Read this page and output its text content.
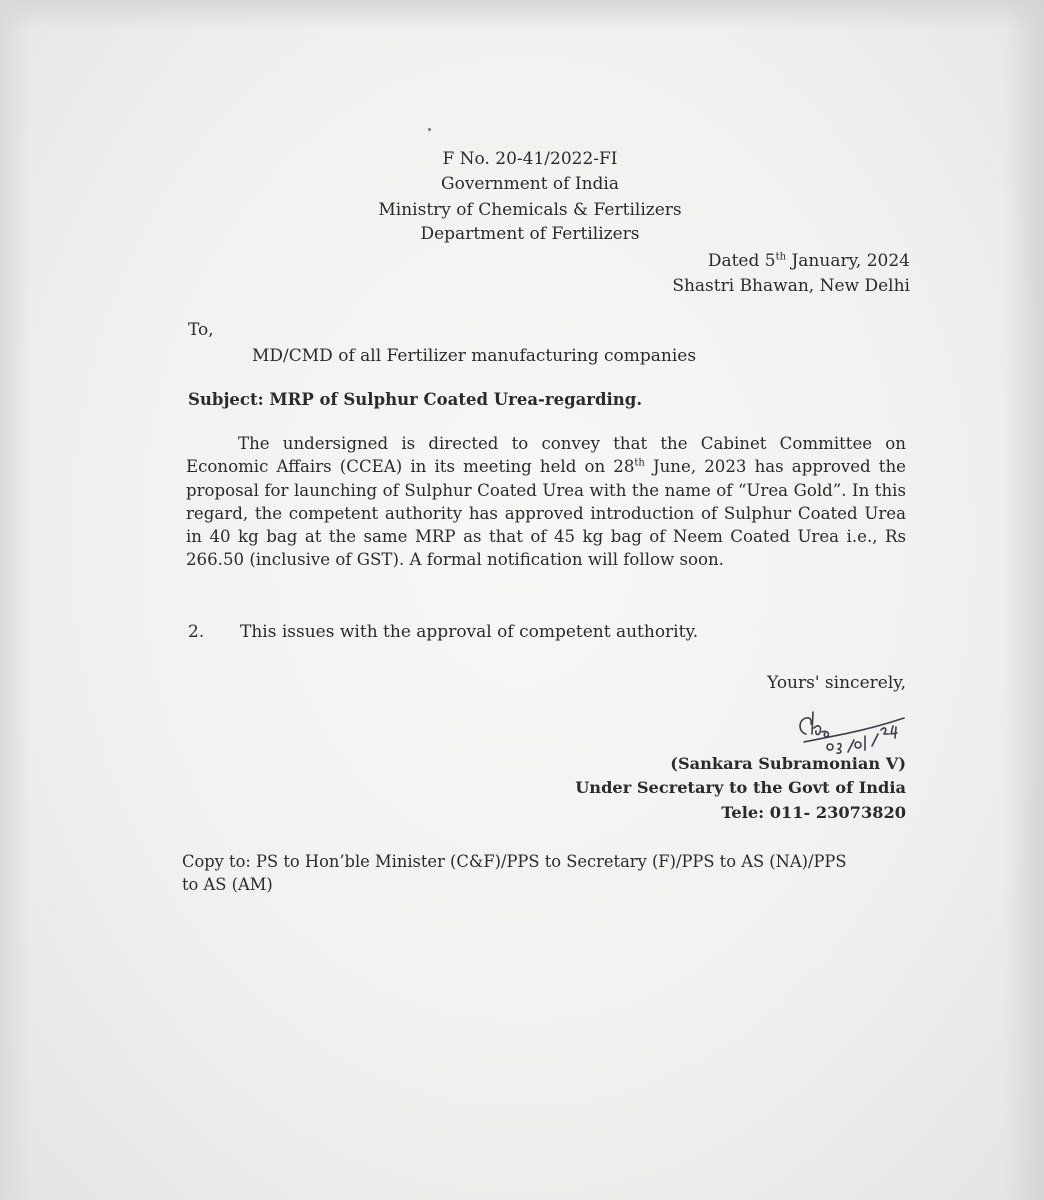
F No. 20-41/2022-FI
Government of India
Ministry of Chemicals & Fertilizers
Department of Fertilizers
Dated 5th January, 2024
Shastri Bhawan, New Delhi
To,
MD/CMD of all Fertilizer manufacturing companies
Subject: MRP of Sulphur Coated Urea-regarding.
The undersigned is directed to convey that the Cabinet Committee on Economic Affairs (CCEA) in its meeting held on 28th June, 2023 has approved the proposal for launching of Sulphur Coated Urea with the name of “Urea Gold”. In this regard, the competent authority has approved introduction of Sulphur Coated Urea in 40 kg bag at the same MRP as that of 45 kg bag of Neem Coated Urea i.e., Rs 266.50 (inclusive of GST). A formal notification will follow soon.
2. This issues with the approval of competent authority.
Yours' sincerely,
(Sankara Subramonian V)
Under Secretary to the Govt of India
Tele: 011- 23073820
Copy to: PS to Hon’ble Minister (C&F)/PPS to Secretary (F)/PPS to AS (NA)/PPS
to AS (AM)
